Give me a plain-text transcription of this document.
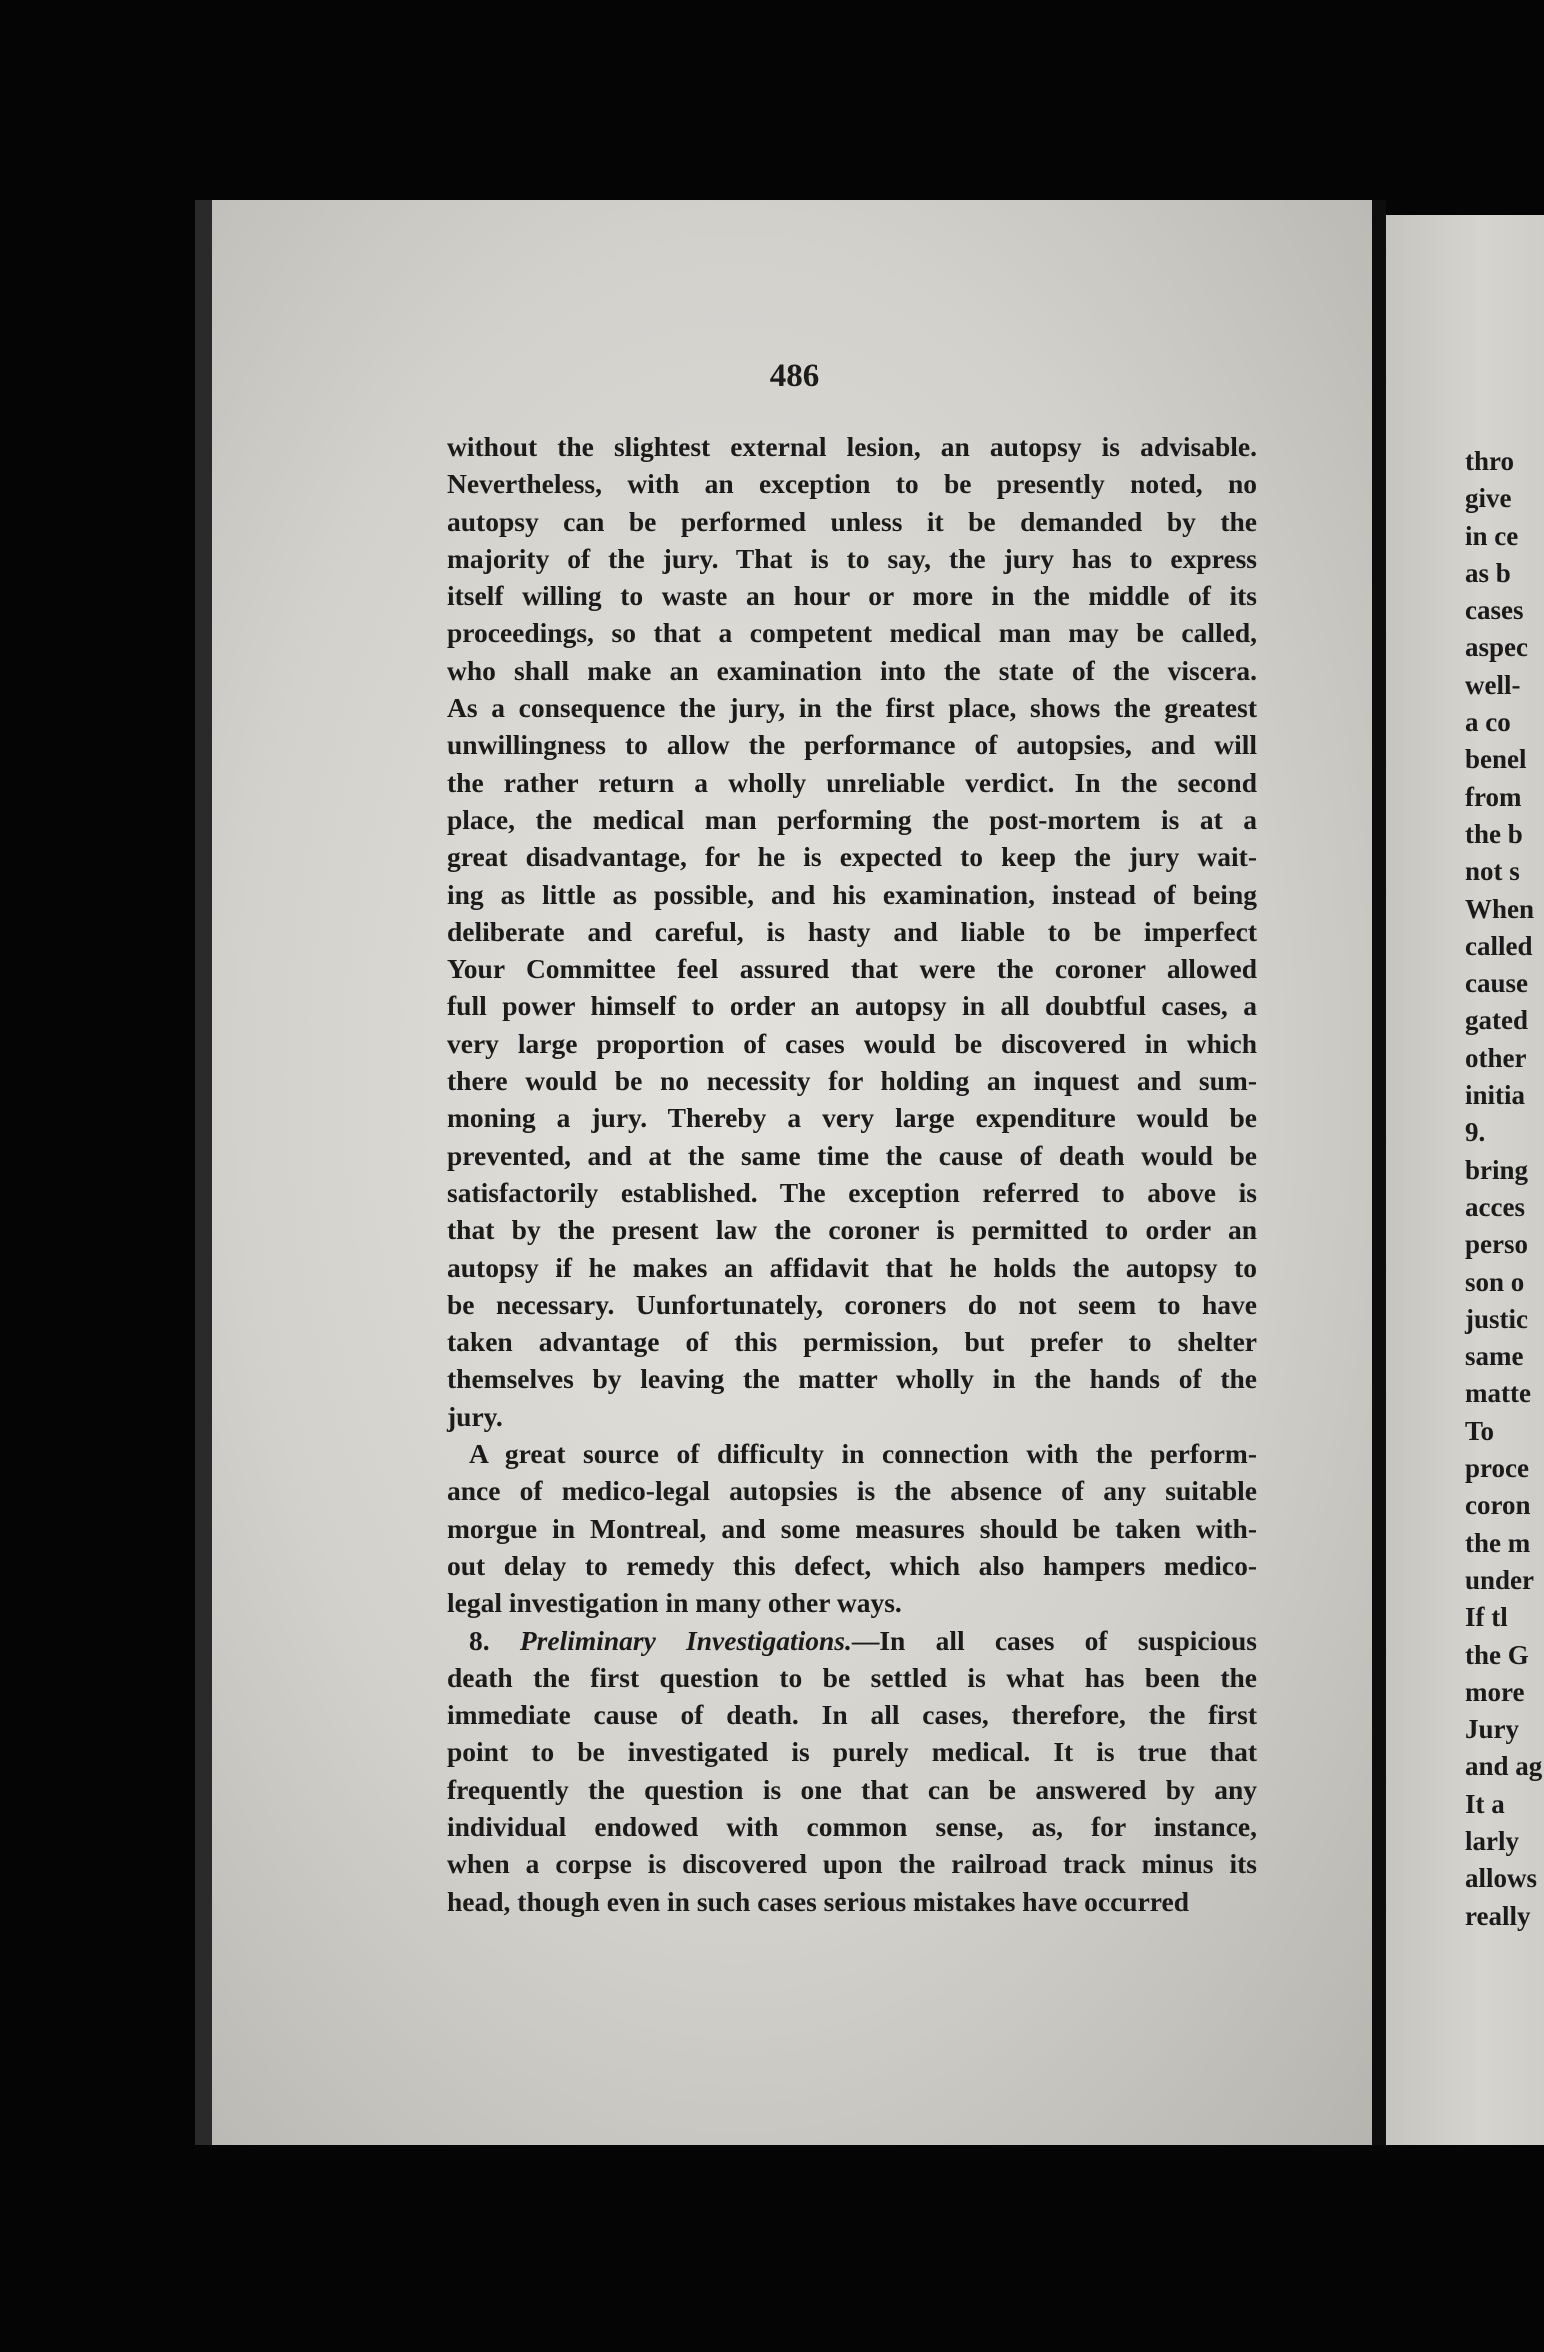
486
without the slightest external lesion, an autopsy is advisable.
Nevertheless, with an exception to be presently noted, no
autopsy can be performed unless it be demanded by the
majority of the jury. That is to say, the jury has to express
itself willing to waste an hour or more in the middle of its
proceedings, so that a competent medical man may be called,
who shall make an examination into the state of the viscera.
As a consequence the jury, in the first place, shows the greatest
unwillingness to allow the performance of autopsies, and will
the rather return a wholly unreliable verdict. In the second
place, the medical man performing the post-mortem is at a
great disadvantage, for he is expected to keep the jury wait-
ing as little as possible, and his examination, instead of being
deliberate and careful, is hasty and liable to be imperfect
Your Committee feel assured that were the coroner allowed
full power himself to order an autopsy in all doubtful cases, a
very large proportion of cases would be discovered in which
there would be no necessity for holding an inquest and sum-
moning a jury. Thereby a very large expenditure would be
prevented, and at the same time the cause of death would be
satisfactorily established. The exception referred to above is
that by the present law the coroner is permitted to order an
autopsy if he makes an affidavit that he holds the autopsy to
be necessary. Uunfortunately, coroners do not seem to have
taken advantage of this permission, but prefer to shelter
themselves by leaving the matter wholly in the hands of the
jury.
A great source of difficulty in connection with the perform-
ance of medico-legal autopsies is the absence of any suitable
morgue in Montreal, and some measures should be taken with-
out delay to remedy this defect, which also hampers medico-
legal investigation in many other ways.
8. Preliminary Investigations.—In all cases of suspicious
death the first question to be settled is what has been the
immediate cause of death. In all cases, therefore, the first
point to be investigated is purely medical. It is true that
frequently the question is one that can be answered by any
individual endowed with common sense, as, for instance,
when a corpse is discovered upon the railroad track minus its
head, though even in such cases serious mistakes have occurred
thro
give
in ce
as b
cases
aspec
well-
a co
benel
from
the b
not s
When
called
cause
gated
other
initia
9.
bring
acces
perso
son o
justic
same
matte
To
proce
coron
the m
under
If tl
the G
more
Jury
and ag
It a
larly
allows
really
